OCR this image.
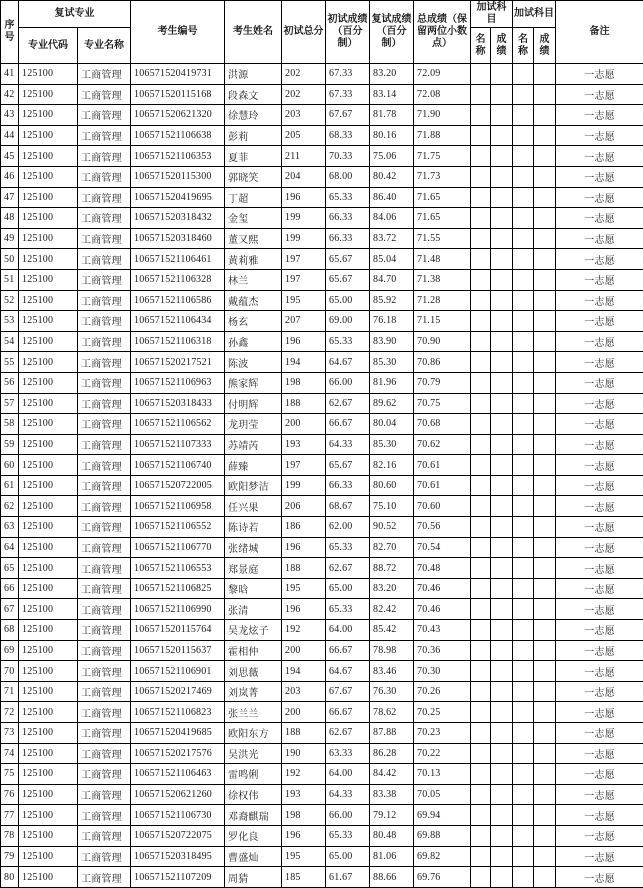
序号	复试专业		考生编号	考生姓名	初试总分	初试成绩（百分制）	复试成绩（百分制）	总成绩（保留两位小数点）	加试科目		加试科目		备注
	专业代码	专业名称							名称	成绩	名称	成绩	
41	125100	工商管理	106571520419731	洪源	202	67.33	83.20	72.09					一志愿
42	125100	工商管理	106571520115168	段森文	202	67.33	83.14	72.08					一志愿
43	125100	工商管理	106571520621320	徐慧玲	203	67.67	81.78	71.90					一志愿
44	125100	工商管理	106571521106638	彭莉	205	68.33	80.16	71.88					一志愿
45	125100	工商管理	106571521106353	夏菲	211	70.33	75.06	71.75					一志愿
46	125100	工商管理	106571520115300	郭晓笑	204	68.00	80.42	71.73					一志愿
47	125100	工商管理	106571520419695	丁超	196	65.33	86.40	71.65					一志愿
48	125100	工商管理	106571520318432	金玺	199	66.33	84.06	71.65					一志愿
49	125100	工商管理	106571520318460	董又熙	199	66.33	83.72	71.55					一志愿
50	125100	工商管理	106571521106461	黄莉雅	197	65.67	85.04	71.48					一志愿
51	125100	工商管理	106571521106328	林兰	197	65.67	84.70	71.38					一志愿
52	125100	工商管理	106571521106586	戴蕴杰	195	65.00	85.92	71.28					一志愿
53	125100	工商管理	106571521106434	杨玄	207	69.00	76.18	71.15					一志愿
54	125100	工商管理	106571521106318	孙鑫	196	65.33	83.90	70.90					一志愿
55	125100	工商管理	106571520217521	陈波	194	64.67	85.30	70.86					一志愿
56	125100	工商管理	106571521106963	熊家辉	198	66.00	81.96	70.79					一志愿
57	125100	工商管理	106571520318433	付明辉	188	62.67	89.62	70.75					一志愿
58	125100	工商管理	106571521106562	龙玥莹	200	66.67	80.04	70.68					一志愿
59	125100	工商管理	106571521107333	苏靖芮	193	64.33	85.30	70.62					一志愿
60	125100	工商管理	106571521106740	薛臻	197	65.67	82.16	70.61					一志愿
61	125100	工商管理	106571520722005	欧阳梦洁	199	66.33	80.60	70.61					一志愿
62	125100	工商管理	106571521106958	任兴果	206	68.67	75.10	70.60					一志愿
63	125100	工商管理	106571521106552	陈诗若	186	62.00	90.52	70.56					一志愿
64	125100	工商管理	106571521106770	张绪城	196	65.33	82.70	70.54					一志愿
65	125100	工商管理	106571521106553	郑景庭	188	62.67	88.72	70.48					一志愿
66	125100	工商管理	106571521106825	黎晗	195	65.00	83.20	70.46					一志愿
67	125100	工商管理	106571521106990	张清	196	65.33	82.42	70.46					一志愿
68	125100	工商管理	106571520115764	吴龙炫子	192	64.00	85.42	70.43					一志愿
69	125100	工商管理	106571520115637	霍相仲	200	66.67	78.98	70.36					一志愿
70	125100	工商管理	106571521106901	刘思薇	194	64.67	83.46	70.30					一志愿
71	125100	工商管理	106571520217469	刘岚菁	203	67.67	76.30	70.26					一志愿
72	125100	工商管理	106571521106823	张兰兰	200	66.67	78.62	70.25					一志愿
73	125100	工商管理	106571520419685	欧阳东方	188	62.67	87.88	70.23					一志愿
74	125100	工商管理	106571520217576	吴洪光	190	63.33	86.28	70.22					一志愿
75	125100	工商管理	106571521106463	雷鸣俐	192	64.00	84.42	70.13					一志愿
76	125100	工商管理	106571520621260	徐权伟	193	64.33	83.38	70.05					一志愿
77	125100	工商管理	106571521106730	邓裔麒瑞	198	66.00	79.12	69.94					一志愿
78	125100	工商管理	106571520722075	罗化良	196	65.33	80.48	69.88					一志愿
79	125100	工商管理	106571520318495	曹盛灿	195	65.00	81.06	69.82					一志愿
80	125100	工商管理	106571521107209	周猜	185	61.67	88.66	69.76					一志愿
